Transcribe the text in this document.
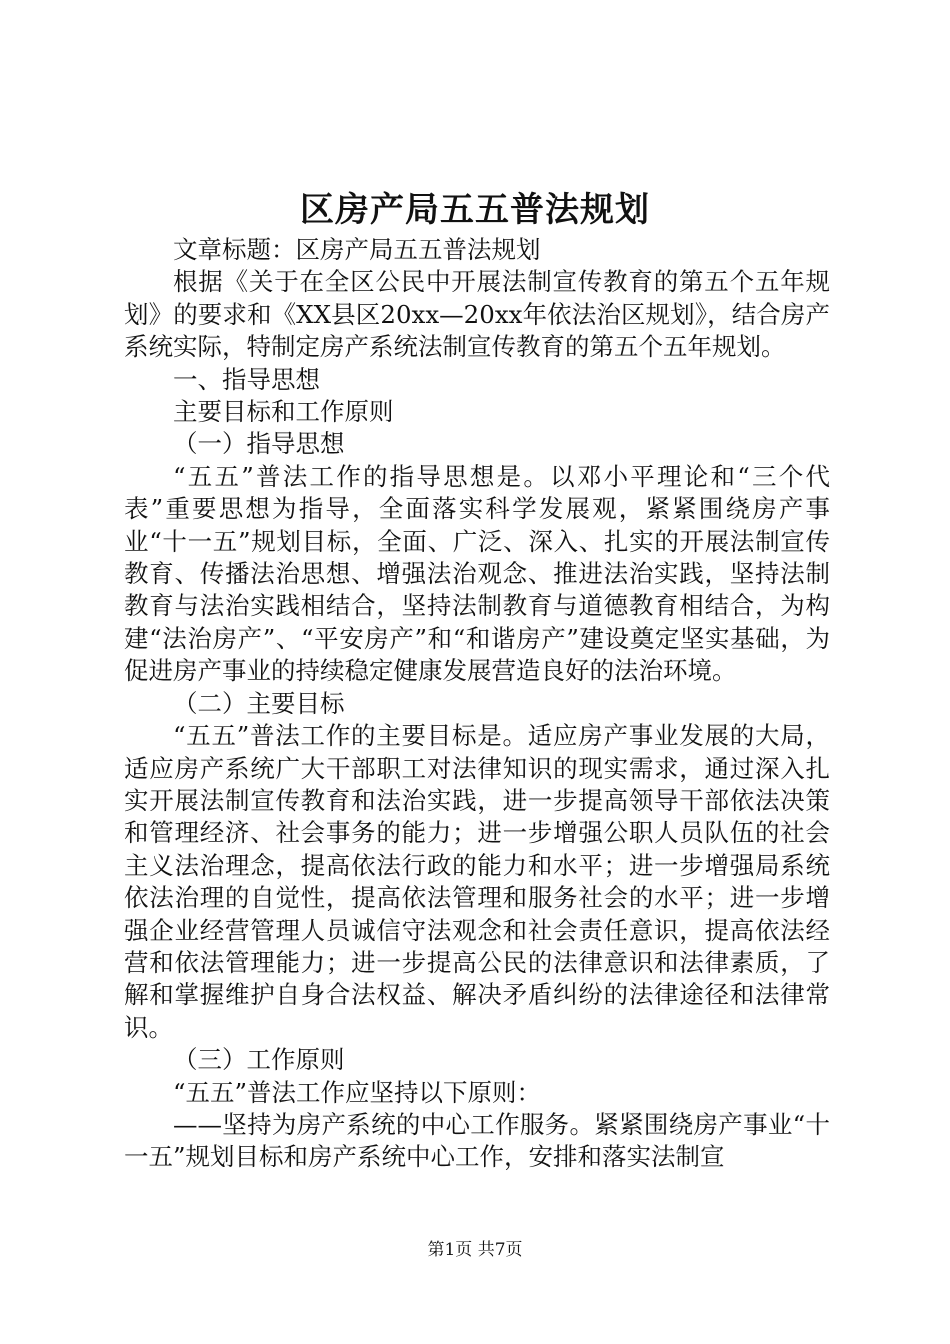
区房产局五五普法规划

文章标题：区房产局五五普法规划

根据《关于在全区公民中开展法制宣传教育的第五个五年规划》的要求和《XX县区20xx—20xx年依法治区规划》，结合房产系统实际，特制定房产系统法制宣传教育的第五个五年规划。

一、指导思想

主要目标和工作原则

（一）指导思想

“五五”普法工作的指导思想是。以邓小平理论和“三个代表”重要思想为指导，全面落实科学发展观，紧紧围绕房产事业“十一五”规划目标，全面、广泛、深入、扎实的开展法制宣传教育、传播法治思想、增强法治观念、推进法治实践，坚持法制教育与法治实践相结合，坚持法制教育与道德教育相结合，为构建“法治房产”、“平安房产”和“和谐房产”建设奠定坚实基础，为促进房产事业的持续稳定健康发展营造良好的法治环境。

（二）主要目标

“五五”普法工作的主要目标是。适应房产事业发展的大局，适应房产系统广大干部职工对法律知识的现实需求，通过深入扎实开展法制宣传教育和法治实践，进一步提高领导干部依法决策和管理经济、社会事务的能力；进一步增强公职人员队伍的社会主义法治理念，提高依法行政的能力和水平；进一步增强局系统依法治理的自觉性，提高依法管理和服务社会的水平；进一步增强企业经营管理人员诚信守法观念和社会责任意识，提高依法经营和依法管理能力；进一步提高公民的法律意识和法律素质，了解和掌握维护自身合法权益、解决矛盾纠纷的法律途径和法律常识。

（三）工作原则

“五五”普法工作应坚持以下原则：

——坚持为房产系统的中心工作服务。紧紧围绕房产事业“十一五”规划目标和房产系统中心工作，安排和落实法制宣

第1页 共7页
